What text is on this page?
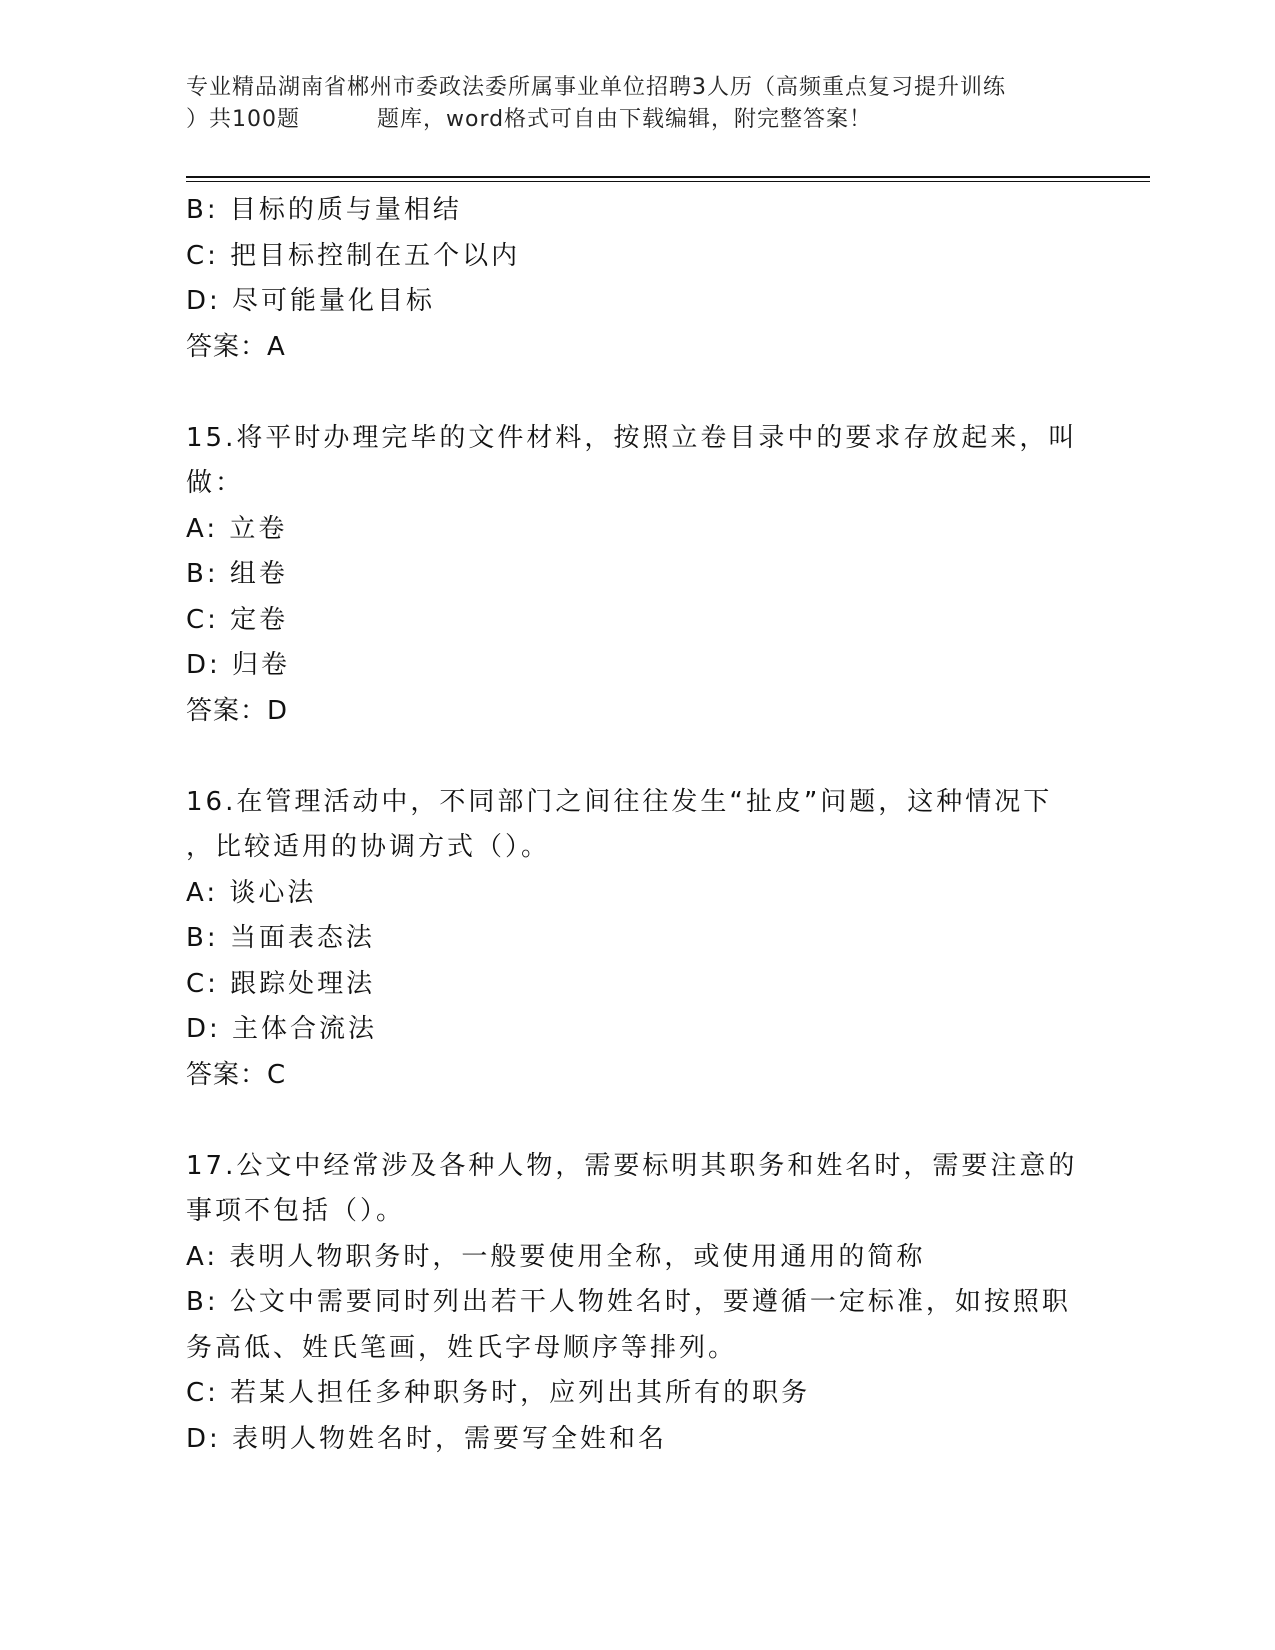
专业精品湖南省郴州市委政法委所属事业单位招聘3人历（高频重点复习提升训练
）共100题　　　 题库，word格式可自由下载编辑，附完整答案！
B: 目标的质与量相结
C: 把目标控制在五个以内
D: 尽可能量化目标
答案：A
15.将平时办理完毕的文件材料，按照立卷目录中的要求存放起来，叫
做：
A: 立卷
B: 组卷
C: 定卷
D: 归卷
答案：D
16.在管理活动中，不同部门之间往往发生“扯皮”问题，这种情况下
，比较适用的协调方式（）。
A: 谈心法
B: 当面表态法
C: 跟踪处理法
D: 主体合流法
答案：C
17.公文中经常涉及各种人物，需要标明其职务和姓名时，需要注意的
事项不包括（）。
A: 表明人物职务时，一般要使用全称，或使用通用的简称
B: 公文中需要同时列出若干人物姓名时，要遵循一定标准，如按照职
务高低、姓氏笔画，姓氏字母顺序等排列。
C: 若某人担任多种职务时，应列出其所有的职务
D: 表明人物姓名时，需要写全姓和名
